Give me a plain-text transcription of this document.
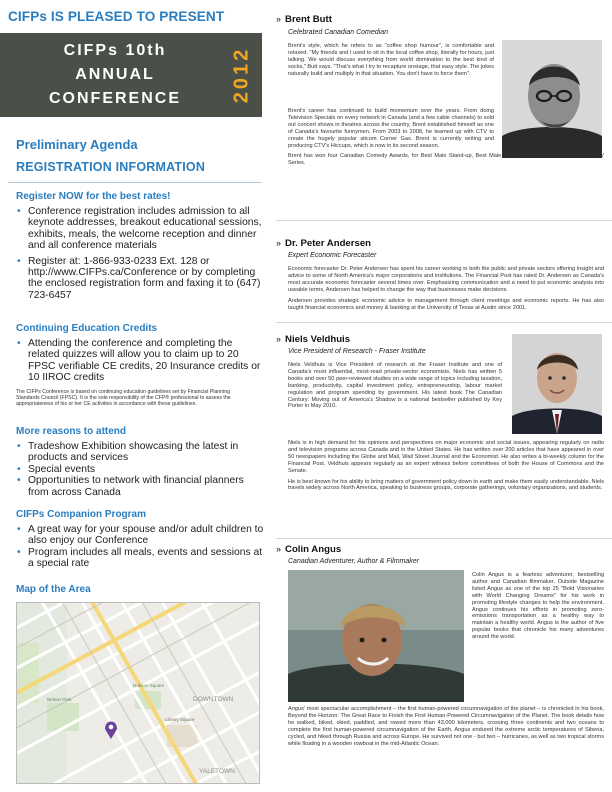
CIFPs IS PLEASED TO PRESENT
CIFPs 10th
ANNUAL
CONFERENCE	2012
Preliminary Agenda
REGISTRATION INFORMATION
Register NOW for the best rates!
• Conference registration includes admission to all keynote addresses, breakout educational sessions, exhibits, meals, the welcome reception and dinner and all conference materials
• Register at: 1-866-933-0233 Ext. 128 or http://www.CIFPs.ca/Conference or by completing the enclosed registration form and faxing it to (647) 723-6457
Continuing Education Credits
• Attending the conference and completing the related quizzes will allow you to claim up to 20 FPSC verifiable CE credits, 20 Insurance credits or 10 IIROC credits

The CIFPs Conference is based on continuing education guidelines set by Financial Planning Standards Council (FPSC). It is the sole responsibility of the CFP® professional to assess the appropriateness of his or her CE activities in accordance with these guidelines.

More reasons to attend
• Tradeshow Exhibition showcasing the latest in products and services
• Special events
• Opportunities to network with financial planners from across Canada
CIFPs Companion Program
• A great way for your spouse and/or adult children to also enjoy our Conference
• Program includes all meals, events and sessions at a special rate
Map of the Area
DOWNTOWN
YALETOWN
Nelson Park
Robson Square
Library Square
» Brent Butt
Celebrated Canadian Comedian

Brent's style, which he refers to as "coffee shop humour", is comfortable and relaxed. "My friends and I used to sit in the local coffee shop, literally for hours, just talking. We would discuss everything from world domination to the best kind of socks," Butt says. "That's what I try to recapture onstage, that easy style. The jokes naturally build and multiply in that situation. You don't have to force them".

Brent's career has continued to build momentum over the years. From doing Television Specials on every network in Canada (and a few cable channels) to sold out concert shows in theatres across the country, Brent established himself as one of Canada's favourite funnymen. From 2003 to 2008, he teamed up with CTV to create the hugely popular sitcom Corner Gas. Brent is currently writing and producing CTV's Hiccups, which is now in its second season.

Brent has won four Canadian Comedy Awards, for Best Male Stand-up, Best Male TV Performance and Best Writing - TV Series.

» Dr. Peter Andersen
Expert Economic Forecaster

Economic forecaster Dr. Peter Andersen has spent his career working in both the public and private sectors offering insight and advice to some of North America's major corporations and institutions. The Financial Post has rated Dr. Andersen as Canada's most accurate economic forecaster several times over. Emphasizing communication and a need to put economic analysis into useable terms, Andersen has helped to change the way that businesses make decisions.

Andersen provides strategic economic advice to management through client meetings and economic reports. He has also taught financial economics and money & banking at the University of Texas at Austin since 2001.

» Niels Veldhuis
Vice President of Research - Fraser Institute

Niels Veldhuis is Vice President of research at the Fraser Institute and one of Canada's most influential, most-read private-sector economists. Niels has written 5 books and over 50 peer-reviewed studies on a wide range of topics including taxation, banking, productivity, capital investment policy, entrepreneurship, labour market regulation and program spending by government. His latest book The Canadian Century: Moving out of America's Shadow is a national bestseller published by Key Porter in May 2010.

Niels is in high demand for his opinions and perspectives on major economic and social issues, appearing regularly on radio and television programs across Canada and in the United States. He has written over 200 articles that have appeared in over 50 newspapers including the Globe and Mail, Wall Street Journal and the Economist. He also writes a bi-weekly column for the Financial Post. Veldhuis appears regularly as an expert witness before committees of both the House of Commons and the Senate.

He is best known for his ability to bring matters of government policy down to earth and make them easily understandable. Niels travels widely across North America, speaking to business groups, corporate gatherings, voluntary organizations, and students.

» Colin Angus
Canadian Adventurer, Author & Filmmaker

Colin Angus is a fearless adventurer, bestselling author and Canadian filmmaker. Outside Magazine listed Angus as one of the top 25 "Bold Visionaries with World Changing Dreams" for his work in promoting lifestyle changes to help the environment. Angus continues his efforts in promoting zero-emissions transportation as a healthy way to maintain a healthy world. Angus is the author of five popular books that chronicle his many adventures around the world.

Angus' most spectacular accomplishment – the first human-powered circumnavigation of the planet – is chronicled in his book, Beyond the Horizon: The Great Race to Finish the First Human-Powered Circumnavigation of the Planet. The book details how he walked, biked, skied, paddled, and rowed more than 43,000 kilometers, crossing three continents and two oceans to complete the first human-powered circumnavigation of the Earth. Angus endured the extreme arctic temperatures of Siberia, cycled, and hiked through Russia and across Europe. He survived not one - but two – hurricanes, as well as two tropical storms while floating in a wooden rowboat in the mid-Atlantic Ocean.
